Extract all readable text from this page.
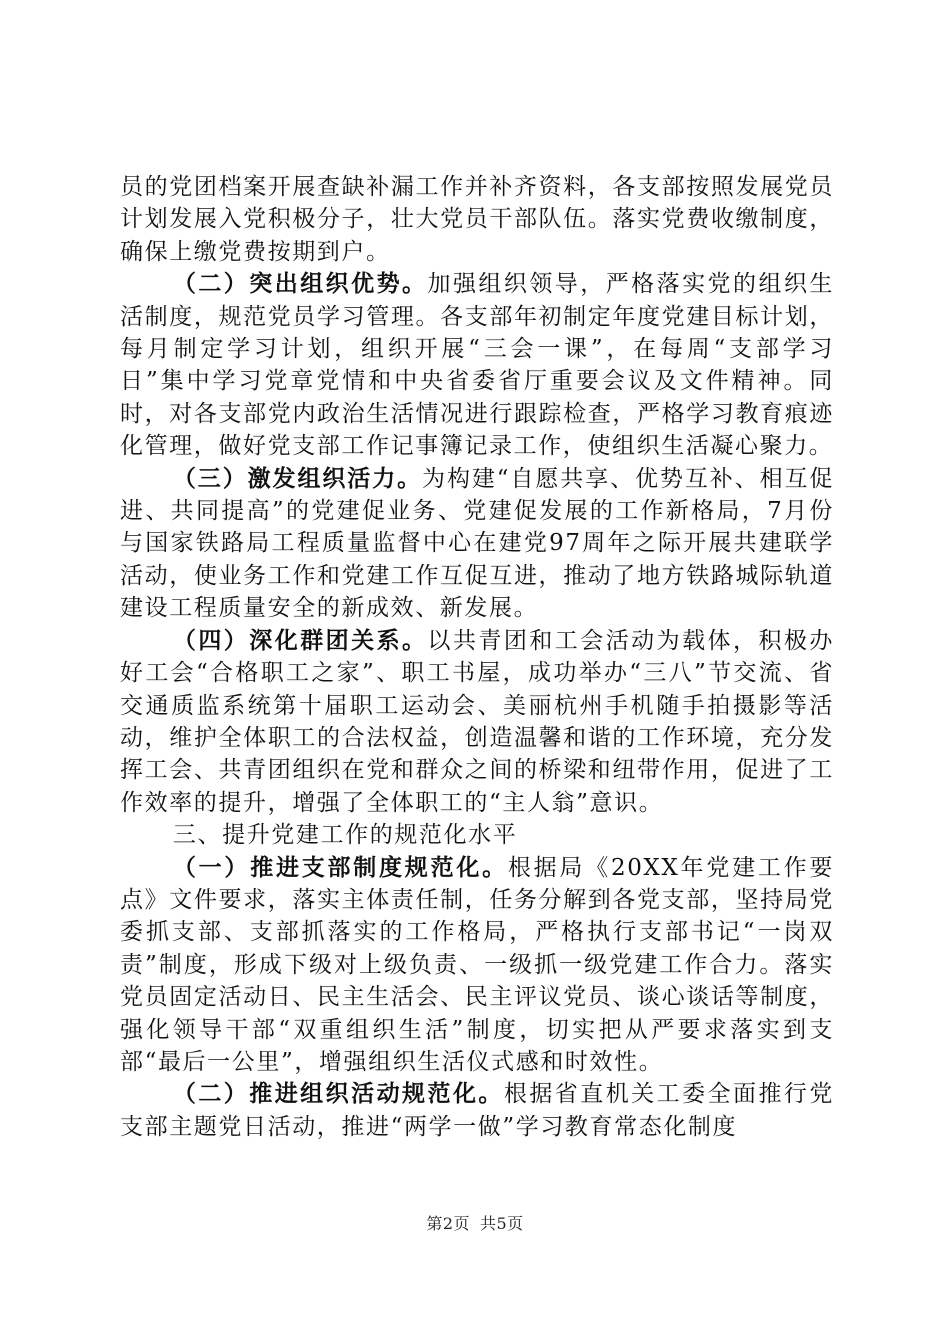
员的党团档案开展查缺补漏工作并补齐资料，各支部按照发展党员计划发展入党积极分子，壮大党员干部队伍。落实党费收缴制度，确保上缴党费按期到户。

（二）突出组织优势。加强组织领导，严格落实党的组织生活制度，规范党员学习管理。各支部年初制定年度党建目标计划，每月制定学习计划，组织开展“三会一课”，在每周“支部学习日”集中学习党章党情和中央省委省厅重要会议及文件精神。同时，对各支部党内政治生活情况进行跟踪检查，严格学习教育痕迹化管理，做好党支部工作记事簿记录工作，使组织生活凝心聚力。

（三）激发组织活力。为构建“自愿共享、优势互补、相互促进、共同提高”的党建促业务、党建促发展的工作新格局，7月份与国家铁路局工程质量监督中心在建党97周年之际开展共建联学活动，使业务工作和党建工作互促互进，推动了地方铁路城际轨道建设工程质量安全的新成效、新发展。

（四）深化群团关系。以共青团和工会活动为载体，积极办好工会“合格职工之家”、职工书屋，成功举办“三八”节交流、省交通质监系统第十届职工运动会、美丽杭州手机随手拍摄影等活动，维护全体职工的合法权益，创造温馨和谐的工作环境，充分发挥工会、共青团组织在党和群众之间的桥梁和纽带作用，促进了工作效率的提升，增强了全体职工的“主人翁”意识。

三、提升党建工作的规范化水平

（一）推进支部制度规范化。根据局《20XX年党建工作要点》文件要求，落实主体责任制，任务分解到各党支部，坚持局党委抓支部、支部抓落实的工作格局，严格执行支部书记“一岗双责”制度，形成下级对上级负责、一级抓一级党建工作合力。落实党员固定活动日、民主生活会、民主评议党员、谈心谈话等制度，强化领导干部“双重组织生活”制度，切实把从严要求落实到支部“最后一公里”，增强组织生活仪式感和时效性。

（二）推进组织活动规范化。根据省直机关工委全面推行党支部主题党日活动，推进“两学一做”学习教育常态化制度

第2页 共5页
